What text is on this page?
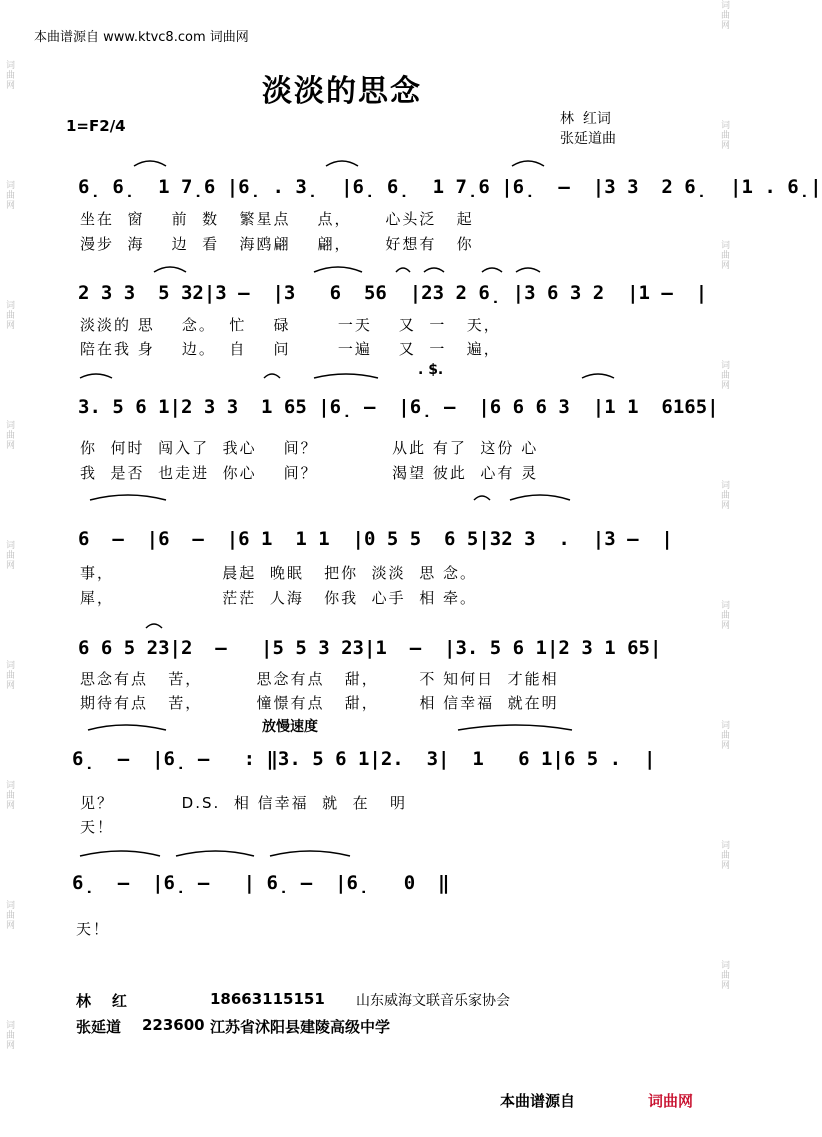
词曲网
词曲网
词曲网
词曲网
词曲网
词曲网
词曲网
词曲网
词曲网
词曲网
词曲网
词曲网
词曲网
词曲网
词曲网
词曲网
词曲网
词曲网
本曲谱源自 www.ktvc8.com 词曲网
淡淡的思念
1=F2/4	林  红词
张延道曲
6̣ 6̣  1 7̣6 |6̣ . 3̣  |6̣ 6̣  1 7̣6 |6̣  —  |3 3  2 6̣  |1 . 6̣|
坐在  窗    前  数   繁星点    点，     心头泛   起
漫步  海    边  看   海鸥翩    翩，     好想有   你
2 3 3  5 32|3 —  |3   6  56  |23 2 6̣ |3 6 3 2  |1 —  |
淡淡的 思    念。  忙    碌       一天    又  一   天，
陪在我 身    边。  自    问       一遍    又  一   遍，
. $.
3. 5 6 1|2 3 3  1 65 |6̣ —  |6̣ —  |6 6 6 3  |1 1  6165|
你  何时  闯入了  我心    间？           从此 有了  这份 心
我  是否  也走进  你心    间？           渴望 彼此  心有 灵
6  —  |6  —  |6 1  1 1  |0 5 5  6 5|32 3  .  |3 —  |
事，                晨起  晚眠   把你  淡淡  思 念。
犀，                茫茫  人海   你我  心手  相 牵。
6 6 5 23|2  —   |5 5 3 23|1  —  |3. 5 6 1|2 3 1 65|
思念有点   苦，        思念有点   甜，      不 知何日  才能相
期待有点   苦，        憧憬有点   甜，      相 信幸福  就在明
放慢速度
6̣  —  |6̣ —   : ‖3. 5 6 1|2.  3|  1   6 1|6 5 .  |
见？          D.S.  相 信幸福  就  在   明
天！
6̣  —  |6̣ —   | 6̣ —  |6̣   0  ‖
天！
林    红	18663115151 山东威海文联音乐家协会
张延道 223600 江苏省沭阳县建陵高级中学
本曲谱源自	词曲网
